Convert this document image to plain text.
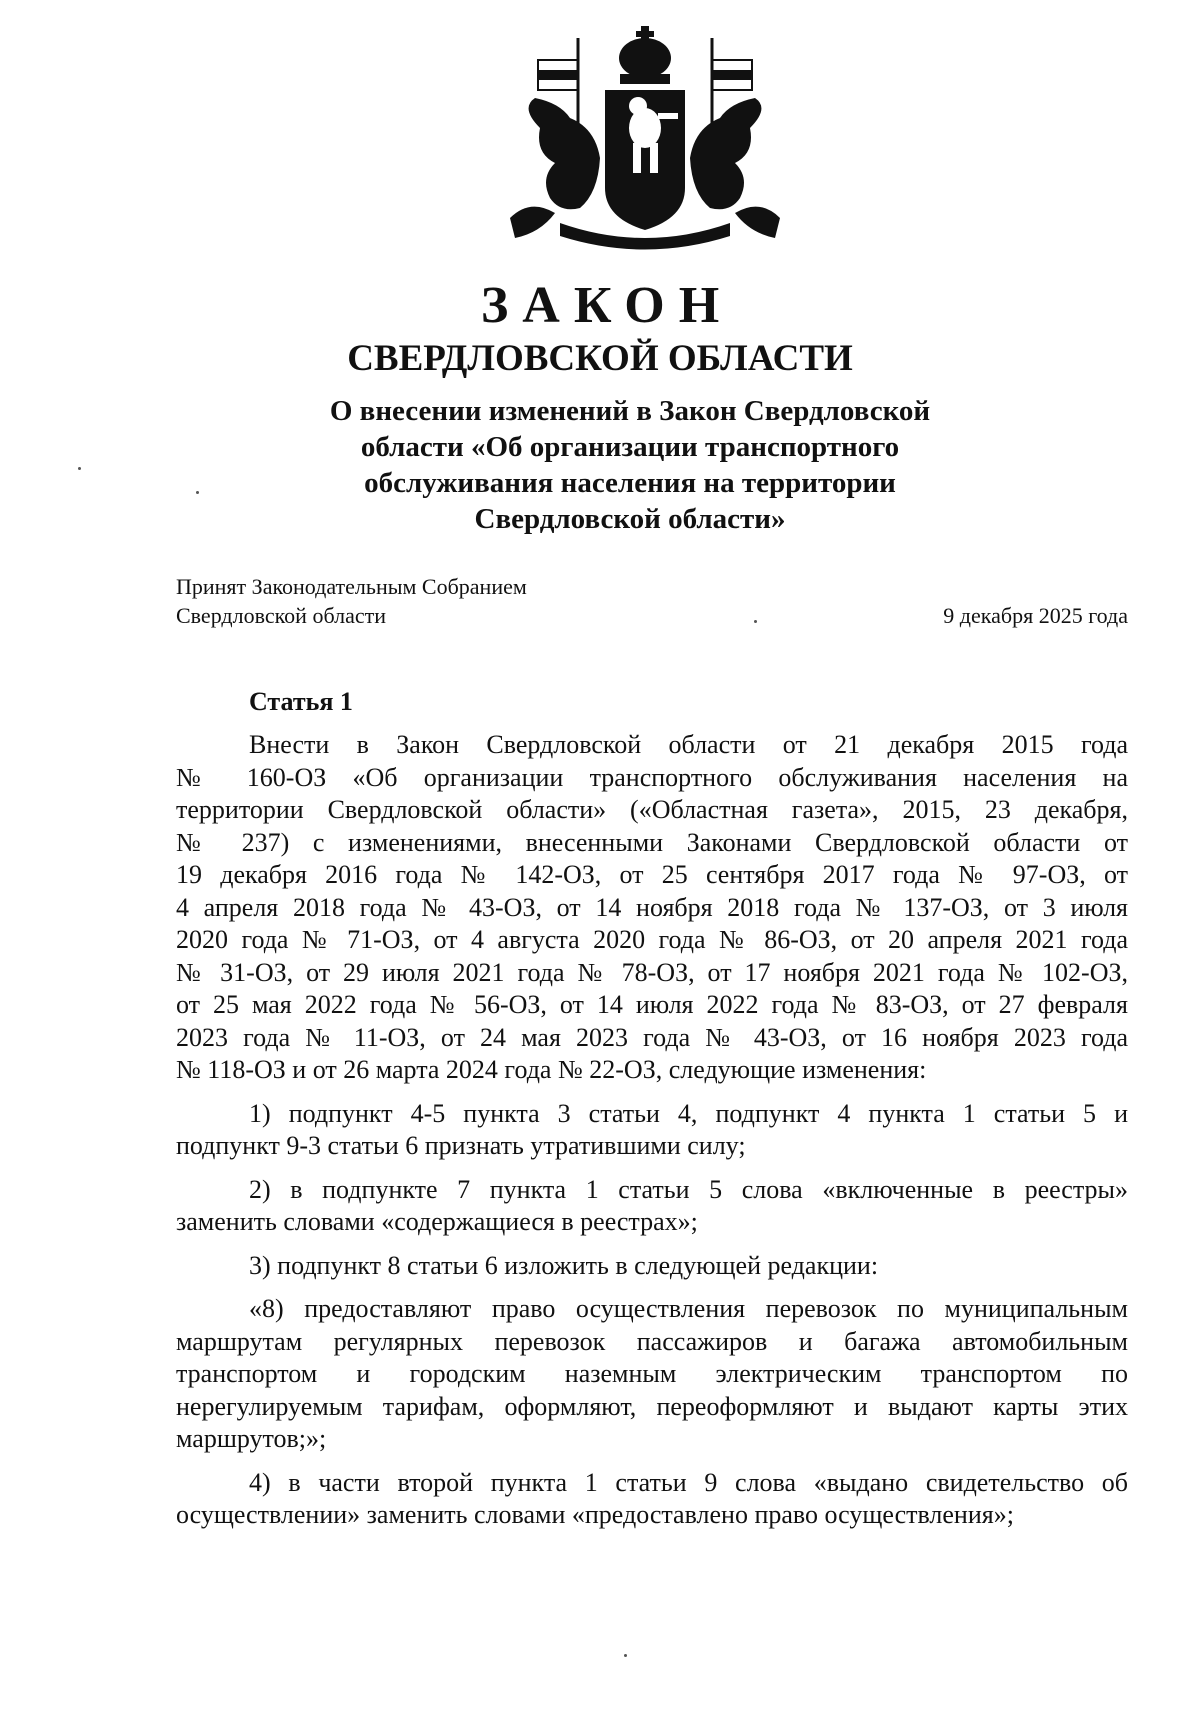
ЗАКОН
СВЕРДЛОВСКОЙ ОБЛАСТИ
О внесении изменений в Закон Свердловской
области «Об организации транспортного
обслуживания населения на территории
Свердловской области»
Принят Законодательным Собранием
Свердловской области	9 декабря 2025 года
Статья 1
Внести в Закон Свердловской области от 21 декабря 2015 года
№ 160-ОЗ «Об организации транспортного обслуживания населения на
территории Свердловской области» («Областная газета», 2015, 23 декабря,
№ 237) с изменениями, внесенными Законами Свердловской области от
19 декабря 2016 года № 142-ОЗ, от 25 сентября 2017 года № 97-ОЗ, от
4 апреля 2018 года № 43-ОЗ, от 14 ноября 2018 года № 137-ОЗ, от 3 июля
2020 года № 71-ОЗ, от 4 августа 2020 года № 86-ОЗ, от 20 апреля 2021 года
№ 31-ОЗ, от 29 июля 2021 года № 78-ОЗ, от 17 ноября 2021 года № 102-ОЗ,
от 25 мая 2022 года № 56-ОЗ, от 14 июля 2022 года № 83-ОЗ, от 27 февраля
2023 года № 11-ОЗ, от 24 мая 2023 года № 43-ОЗ, от 16 ноября 2023 года
№ 118-ОЗ и от 26 марта 2024 года № 22-ОЗ, следующие изменения:
1) подпункт 4-5 пункта 3 статьи 4, подпункт 4 пункта 1 статьи 5 и
подпункт 9-3 статьи 6 признать утратившими силу;
2) в подпункте 7 пункта 1 статьи 5 слова «включенные в реестры»
заменить словами «содержащиеся в реестрах»;
3) подпункт 8 статьи 6 изложить в следующей редакции:
«8) предоставляют право осуществления перевозок по муниципальным
маршрутам регулярных перевозок пассажиров и багажа автомобильным
транспортом и городским наземным электрическим транспортом по
нерегулируемым тарифам, оформляют, переоформляют и выдают карты этих
маршрутов;»;
4) в части второй пункта 1 статьи 9 слова «выдано свидетельство об
осуществлении» заменить словами «предоставлено право осуществления»;
